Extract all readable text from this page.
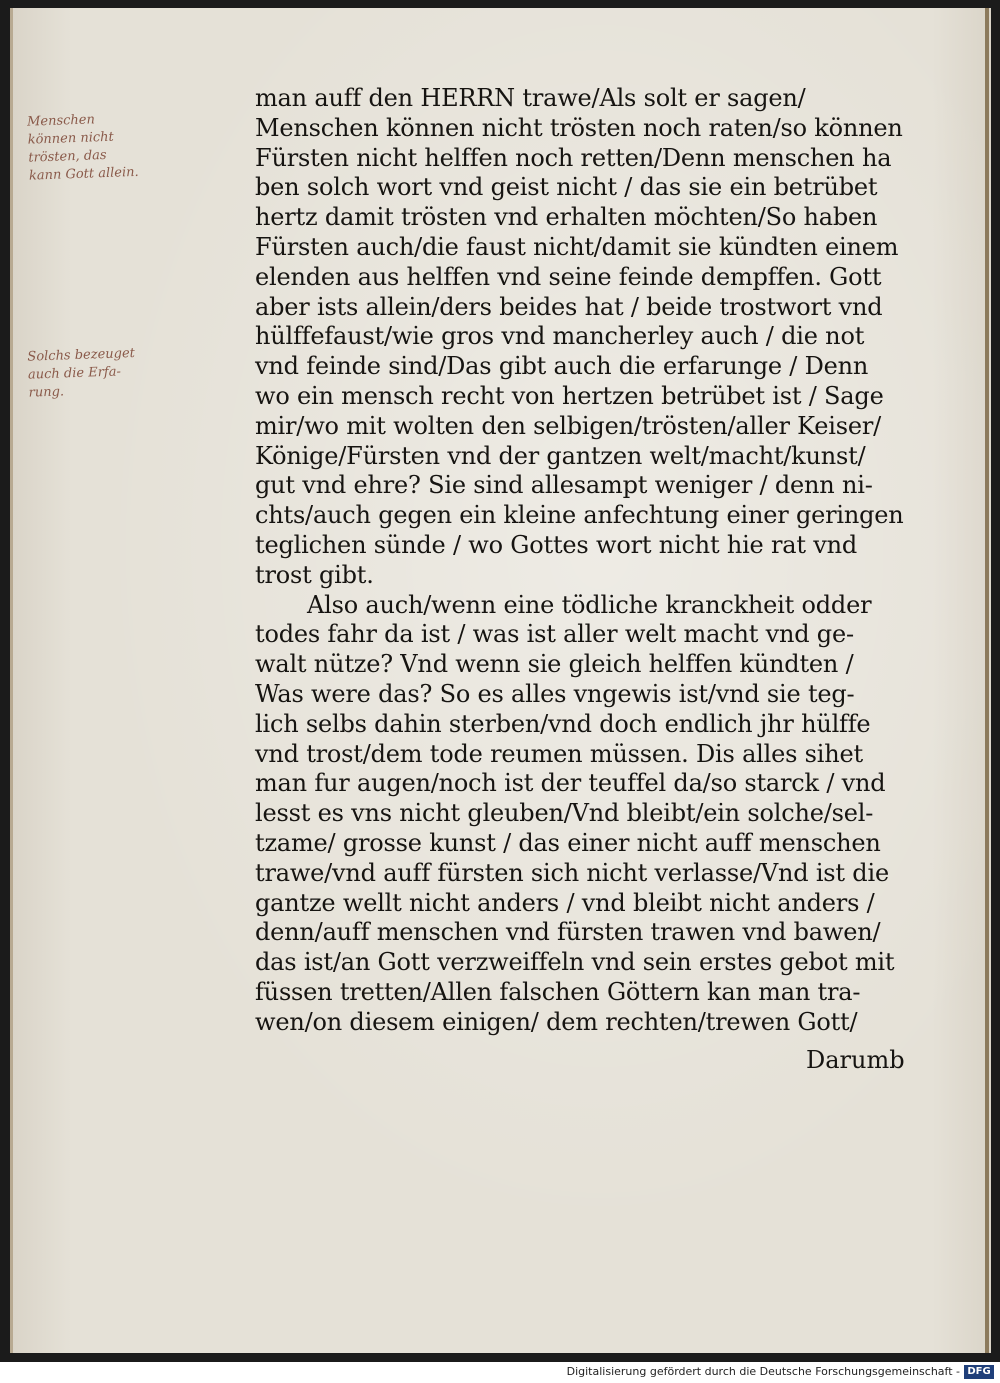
Menschen
können nicht
trösten, das
kann Gott allein.
Solchs bezeuget
auch die Erfa-
rung.
man auff den HERRN trawe/Als solt er sagen/
Menschen können nicht trösten noch raten/so können
Fürsten nicht helffen noch retten/Denn menschen ha
ben solch wort vnd geist nicht / das sie ein betrübet
hertz damit trösten vnd erhalten möchten/So haben
Fürsten auch/die faust nicht/damit sie kündten einem
elenden aus helffen vnd seine feinde dempffen. Gott
aber ists allein/ders beides hat / beide trostwort vnd
hülffefaust/wie gros vnd mancherley auch / die not
vnd feinde sind/Das gibt auch die erfarunge / Denn
wo ein mensch recht von hertzen betrübet ist / Sage
mir/wo mit wolten den selbigen/trösten/aller Keiser/
Könige/Fürsten vnd der gantzen welt/macht/kunst/
gut vnd ehre? Sie sind allesampt weniger / denn ni-
chts/auch gegen ein kleine anfechtung einer geringen
teglichen sünde / wo Gottes wort nicht hie rat vnd
trost gibt.
Also auch/wenn eine tödliche kranckheit odder
todes fahr da ist / was ist aller welt macht vnd ge-
walt nütze? Vnd wenn sie gleich helffen kündten /
Was were das? So es alles vngewis ist/vnd sie teg-
lich selbs dahin sterben/vnd doch endlich jhr hülffe
vnd trost/dem tode reumen müssen. Dis alles sihet
man fur augen/noch ist der teuffel da/so starck / vnd
lesst es vns nicht gleuben/Vnd bleibt/ein solche/sel-
tzame/ grosse kunst / das einer nicht auff menschen
trawe/vnd auff fürsten sich nicht verlasse/Vnd ist die
gantze wellt nicht anders / vnd bleibt nicht anders /
denn/auff menschen vnd fürsten trawen vnd bawen/
das ist/an Gott verzweiffeln vnd sein erstes gebot mit
füssen tretten/Allen falschen Göttern kan man tra-
wen/on diesem einigen/ dem rechten/trewen Gott/
Darumb
Digitalisierung gefördert durch die Deutsche Forschungsgemeinschaft - DFG
